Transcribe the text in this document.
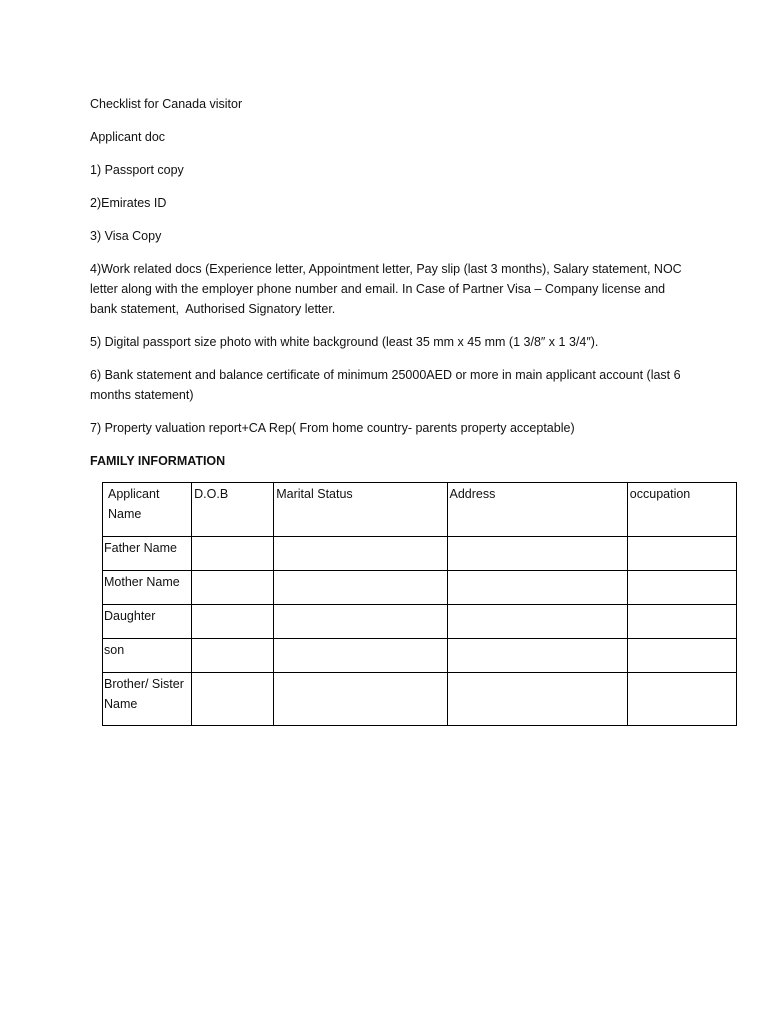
Checklist for Canada visitor

Applicant doc

1) Passport copy

2)Emirates ID

3) Visa Copy

4)Work related docs (Experience letter, Appointment letter, Pay slip (last 3 months), Salary statement, NOC letter along with the employer phone number and email. In Case of Partner Visa – Company license and bank statement,  Authorised Signatory letter.

5) Digital passport size photo with white background (least 35 mm x 45 mm (1 3/8″ x 1 3/4″).

6) Bank statement and balance certificate of minimum 25000AED or more in main applicant account (last 6 months statement)

7) Property valuation report+CA Rep( From home country- parents property acceptable)

FAMILY INFORMATION

Applicant Name	D.O.B	Marital Status	Address	occupation
Father Name				
Mother Name				
Daughter				
son				
Brother/ Sister Name				
